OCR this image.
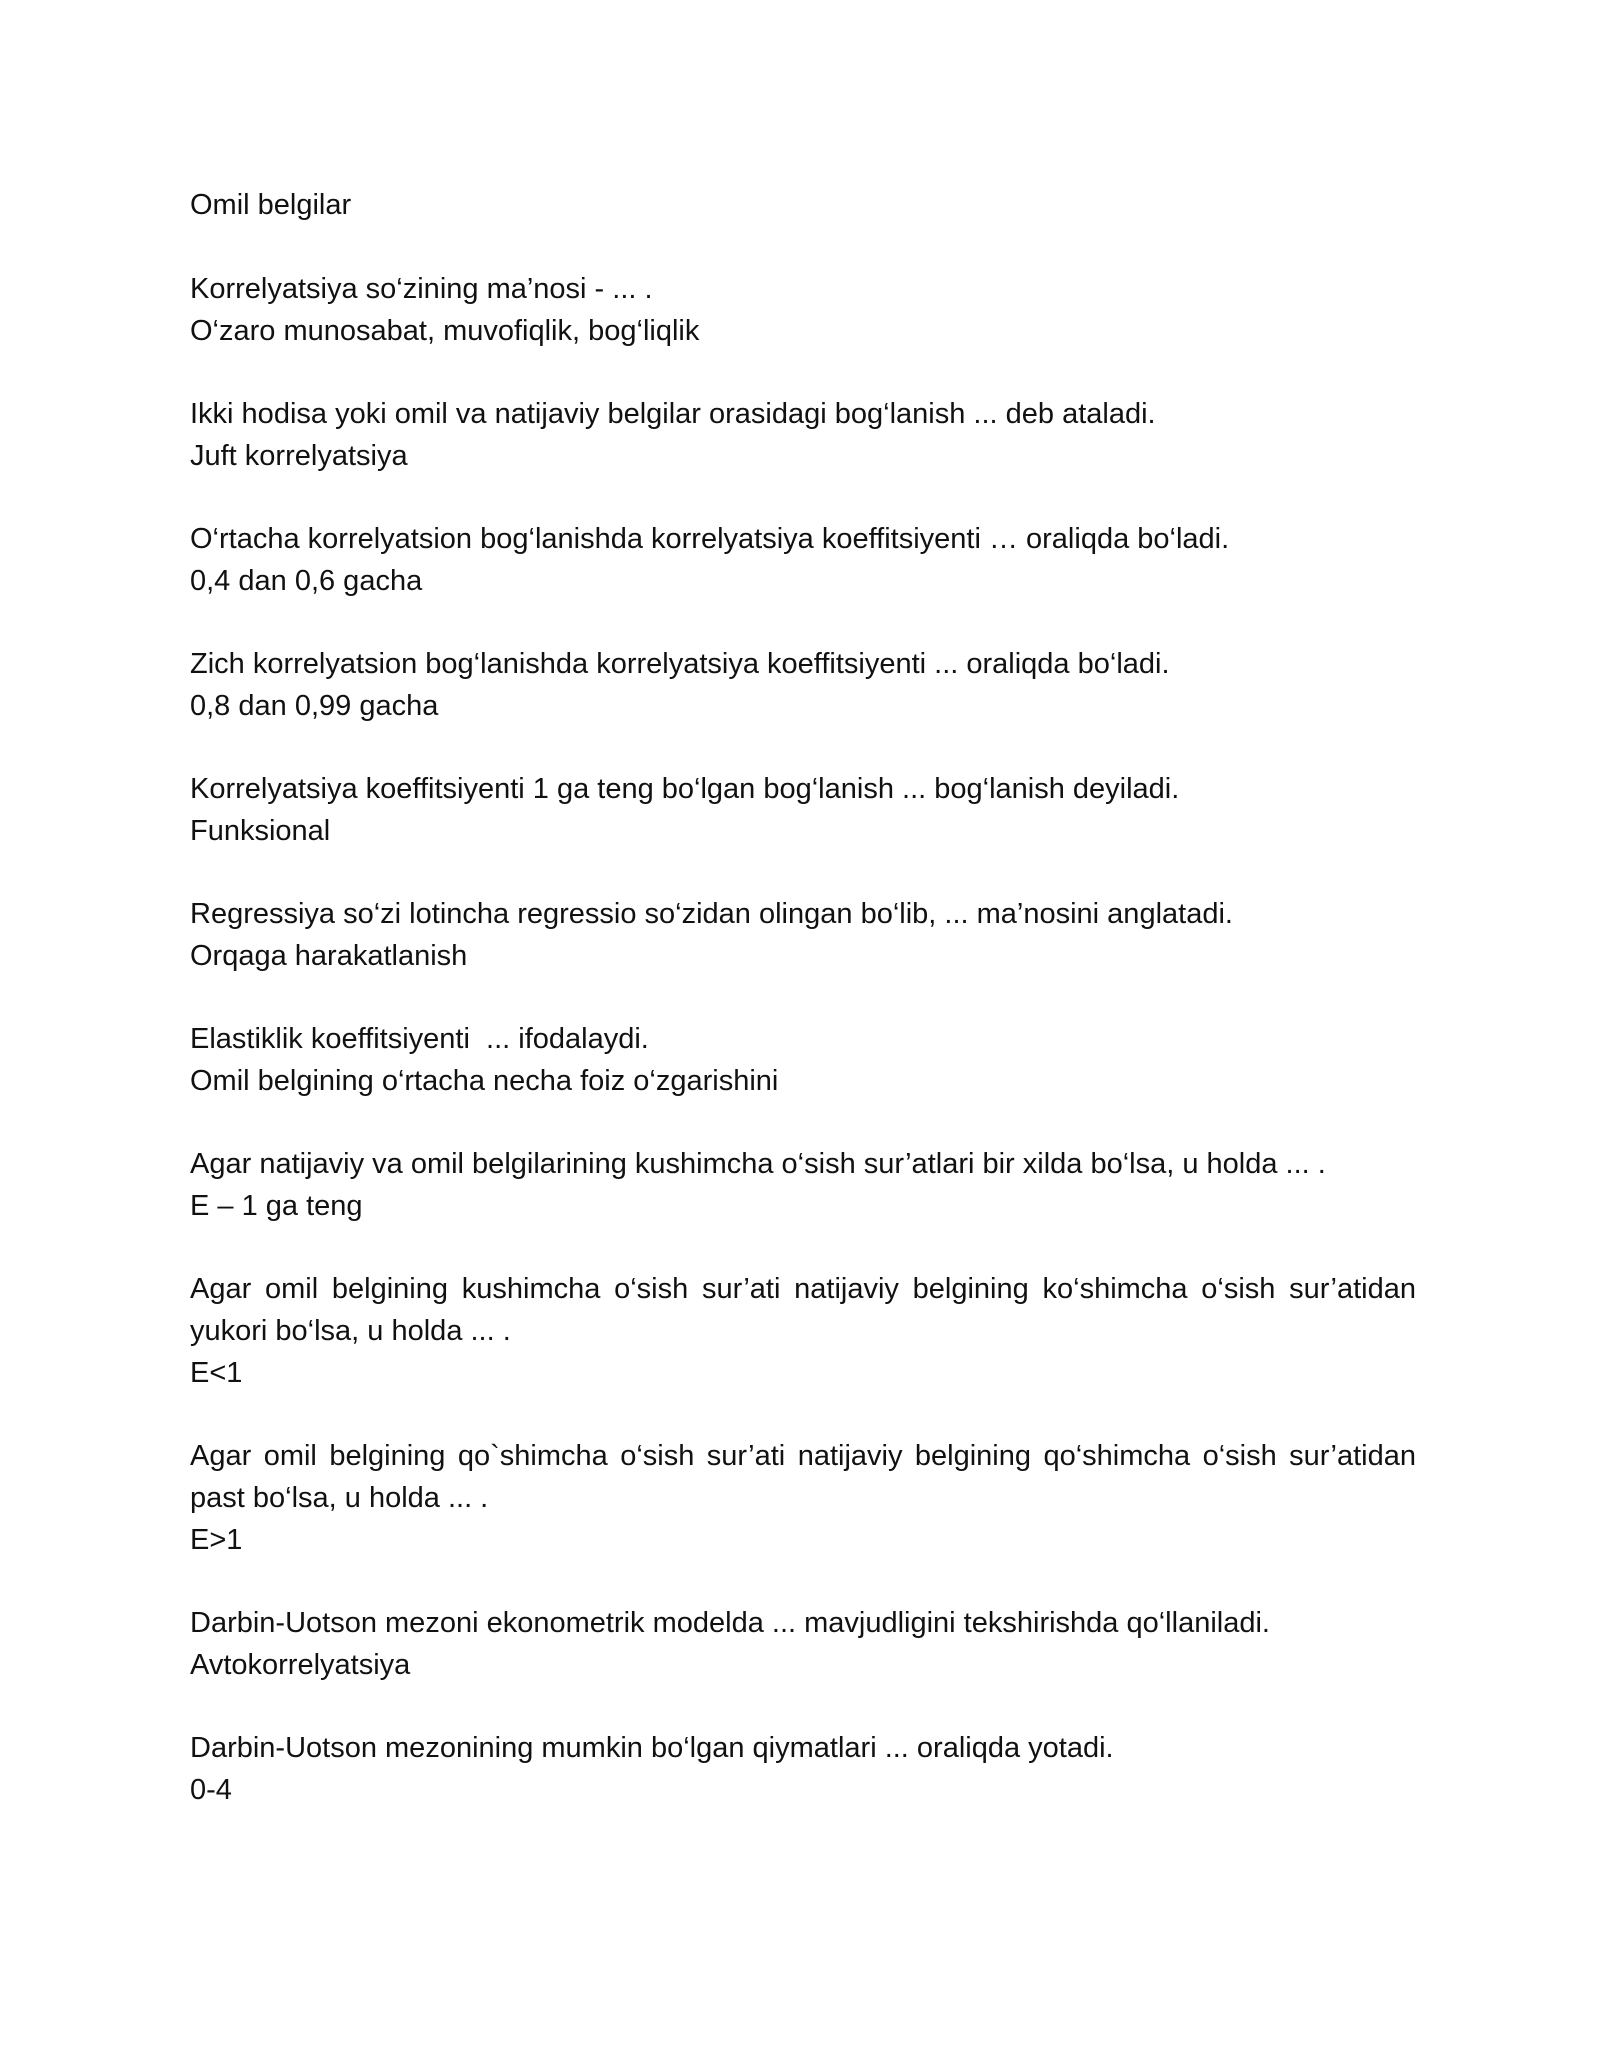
Omil belgilar

Korrelyatsiya so‘zining ma’nosi - ... .

O‘zaro munosabat, muvofiqlik, bog‘liqlik

Ikki hodisa yoki omil va natijaviy belgilar orasidagi bog‘lanish ... deb ataladi.

Juft korrelyatsiya

O‘rtacha korrelyatsion bog‘lanishda korrelyatsiya koeffitsiyenti … oraliqda bo‘ladi.

0,4 dan 0,6 gacha

Zich korrelyatsion bog‘lanishda korrelyatsiya koeffitsiyenti ... oraliqda bo‘ladi.

0,8 dan 0,99 gacha

Korrelyatsiya koeffitsiyenti 1 ga teng bo‘lgan bog‘lanish ... bog‘lanish deyiladi.

Funksional

Regressiya so‘zi lotincha regressio so‘zidan olingan bo‘lib, ... ma’nosini anglatadi.

Orqaga harakatlanish

Elastiklik koeffitsiyenti  ... ifodalaydi.

Omil belgining o‘rtacha necha foiz o‘zgarishini

Agar natijaviy va omil belgilarining kushimcha o‘sish sur’atlari bir xilda bo‘lsa, u holda ... .

E – 1 ga teng

Agar omil belgining kushimcha o‘sish sur’ati natijaviy belgining ko‘shimcha o‘sish sur’atidan yukori bo‘lsa, u holda ... .

E<1

Agar omil belgining qo`shimcha o‘sish sur’ati natijaviy belgining qo‘shimcha o‘sish sur’atidan past bo‘lsa, u holda ... .

E>1

Darbin-Uotson mezoni ekonometrik modelda ... mavjudligini tekshirishda qo‘llaniladi.

Avtokorrelyatsiya

Darbin-Uotson mezonining mumkin bo‘lgan qiymatlari ... oraliqda yotadi.

0-4
